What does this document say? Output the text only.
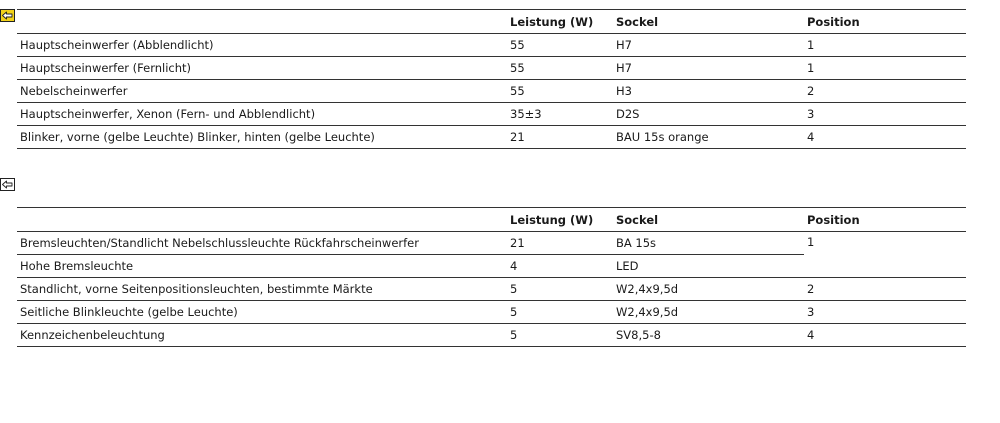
	Leistung (W)	Sockel	Position
Hauptscheinwerfer (Abblendlicht)	55	H7	1
Hauptscheinwerfer (Fernlicht)	55	H7	1
Nebelscheinwerfer	55	H3	2
Hauptscheinwerfer, Xenon (Fern- und Abblendlicht)	35±3	D2S	3
Blinker, vorne (gelbe Leuchte) Blinker, hinten (gelbe Leuchte)	21	BAU 15s orange	4
	Leistung (W)	Sockel	Position
Bremsleuchten/Standlicht Nebelschlussleuchte Rückfahrscheinwerfer	21	BA 15s	1
Hohe Bremsleuchte	4	LED	
Standlicht, vorne Seitenpositionsleuchten, bestimmte Märkte	5	W2,4x9,5d	2
Seitliche Blinkleuchte (gelbe Leuchte)	5	W2,4x9,5d	3
Kennzeichenbeleuchtung	5	SV8,5-8	4
